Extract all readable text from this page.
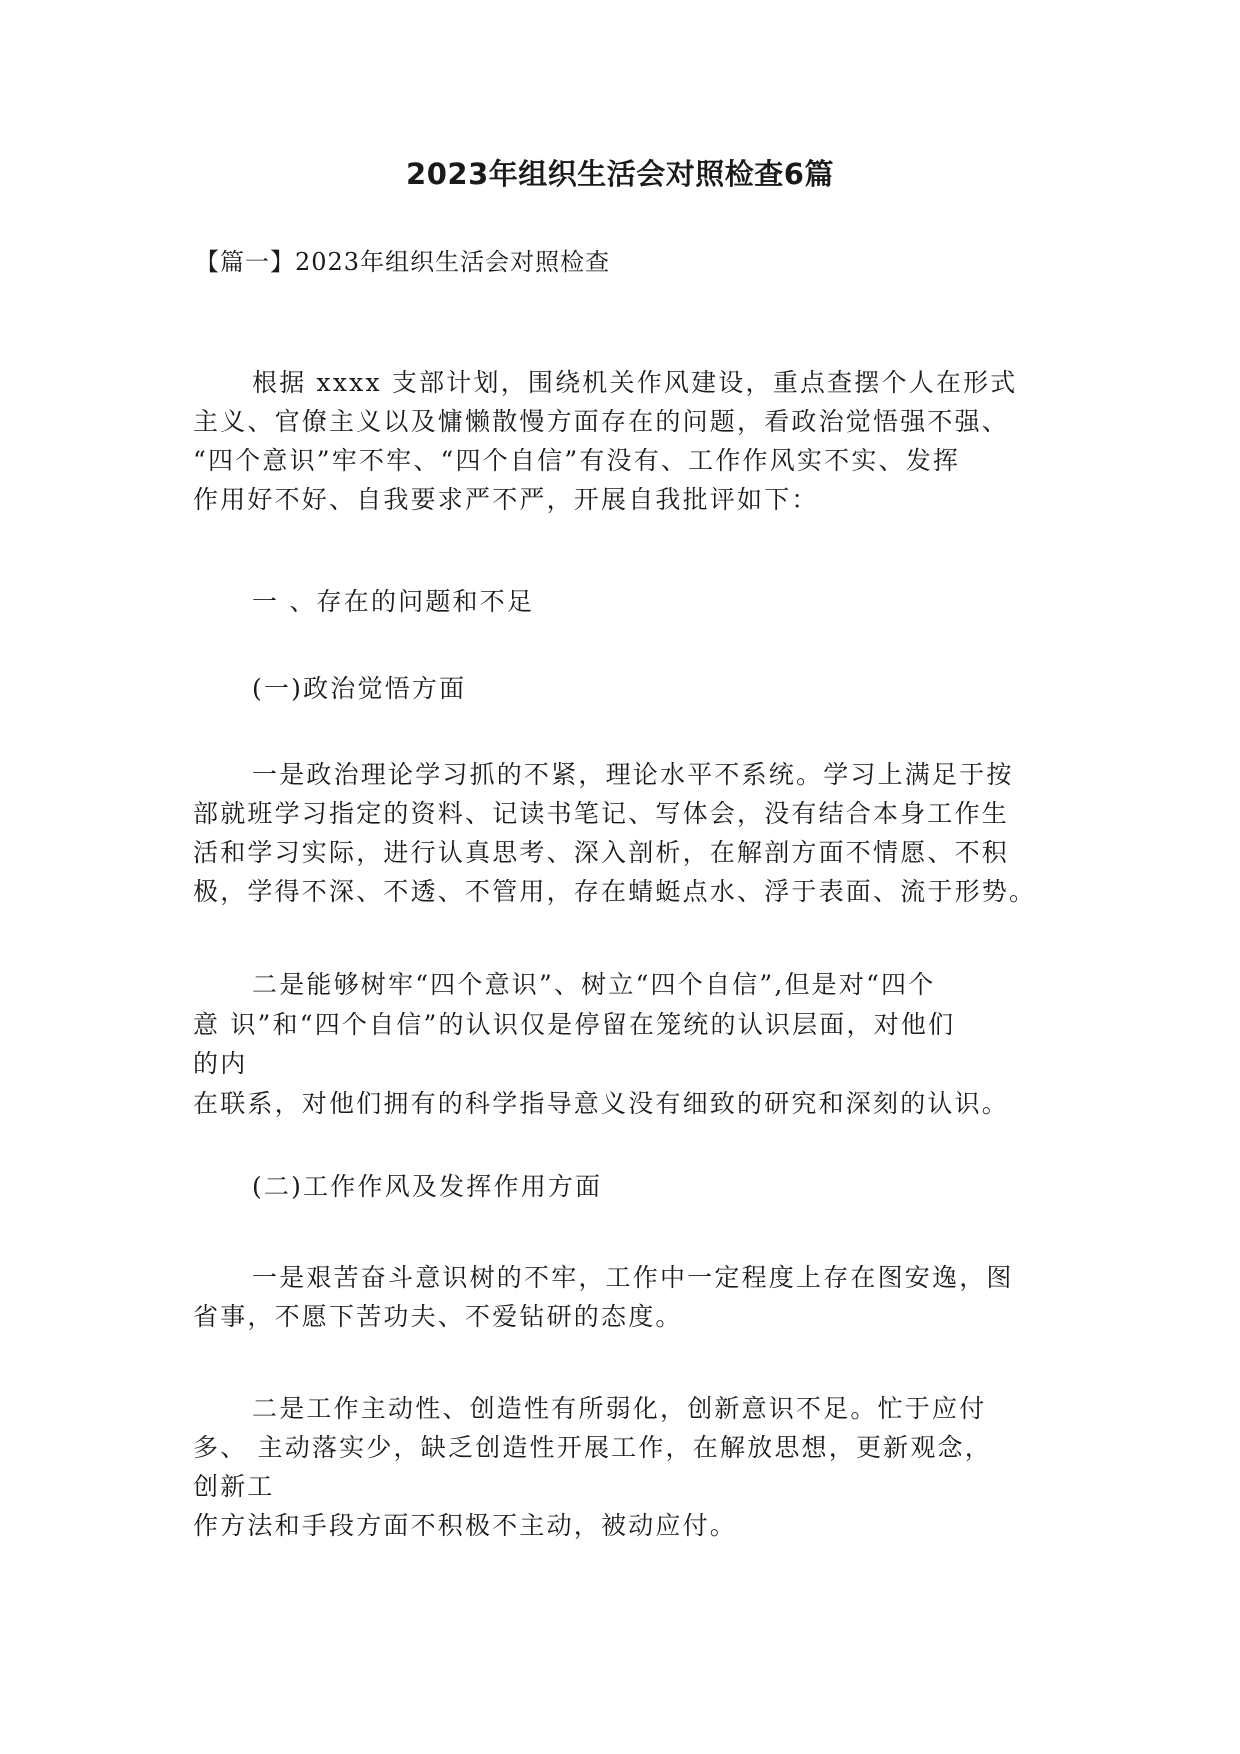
2023年组织生活会对照检查6篇

【篇一】2023年组织生活会对照检查

根据 xxxx 支部计划，围绕机关作风建设，重点查摆个人在形式

主义、官僚主义以及慵懒散慢方面存在的问题，看政治觉悟强不强、

“四个意识”牢不牢、“四个自信”有没有、工作作风实不实、发挥

作用好不好、自我要求严不严，开展自我批评如下：

一 、存在的问题和不足

(一)政治觉悟方面

一是政治理论学习抓的不紧，理论水平不系统。学习上满足于按

部就班学习指定的资料、记读书笔记、写体会，没有结合本身工作生

活和学习实际，进行认真思考、深入剖析，在解剖方面不情愿、不积

极，学得不深、不透、不管用，存在蜻蜓点水、浮于表面、流于形势。

二是能够树牢“四个意识”、树立“四个自信”,但是对“四个

意 识”和“四个自信”的认识仅是停留在笼统的认识层面，对他们

的内

在联系，对他们拥有的科学指导意义没有细致的研究和深刻的认识。

(二)工作作风及发挥作用方面

一是艰苦奋斗意识树的不牢，工作中一定程度上存在图安逸，图

省事，不愿下苦功夫、不爱钻研的态度。

二是工作主动性、创造性有所弱化，创新意识不足。忙于应付

多、 主动落实少，缺乏创造性开展工作，在解放思想，更新观念，

创新工

作方法和手段方面不积极不主动，被动应付。
